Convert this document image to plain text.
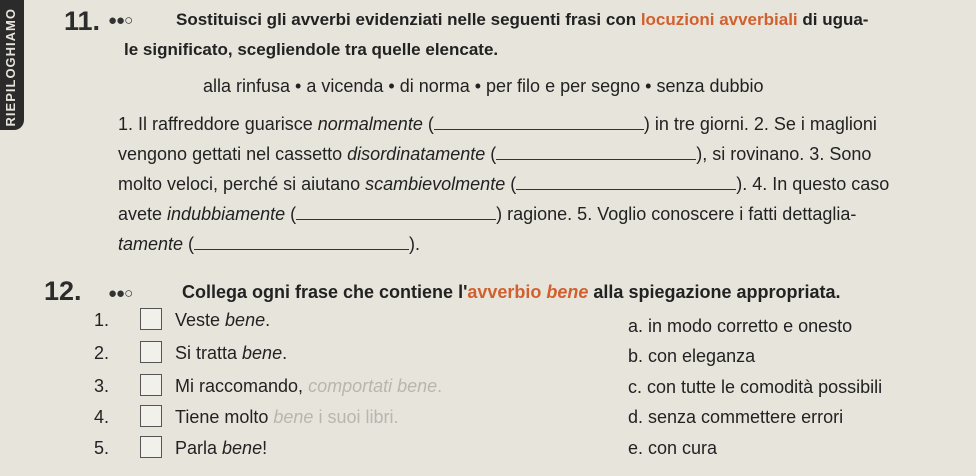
RIEPILOGHIAMO 11. ●●○	Sostituisci gli avverbi evidenziati nelle seguenti frasi con locuzioni avverbiali di ugua-
le significato, scegliendole tra quelle elencate.
alla rinfusa • a vicenda • di norma • per filo e per segno • senza dubbio
1. Il raffreddore guarisce normalmente (	) in tre giorni. 2. Se i maglioni
vengono gettati nel cassetto disordinatamente (	), si rovinano. 3. Sono
molto veloci, perché si aiutano scambievolmente (	). 4. In questo caso
avete indubbiamente (	) ragione. 5. Voglio conoscere i fatti dettaglia-
tamente (	).
12. ●●○	Collega ogni frase che contiene l'avverbio bene alla spiegazione appropriata.
1.	Veste bene.
2.	Si tratta bene.
3.	Mi raccomando, comportati bene.
4.	Tiene molto bene i suoi libri.
5.	Parla bene!
a. in modo corretto e onesto
b. con eleganza
c. con tutte le comodità possibili
d. senza commettere errori
e. con cura
